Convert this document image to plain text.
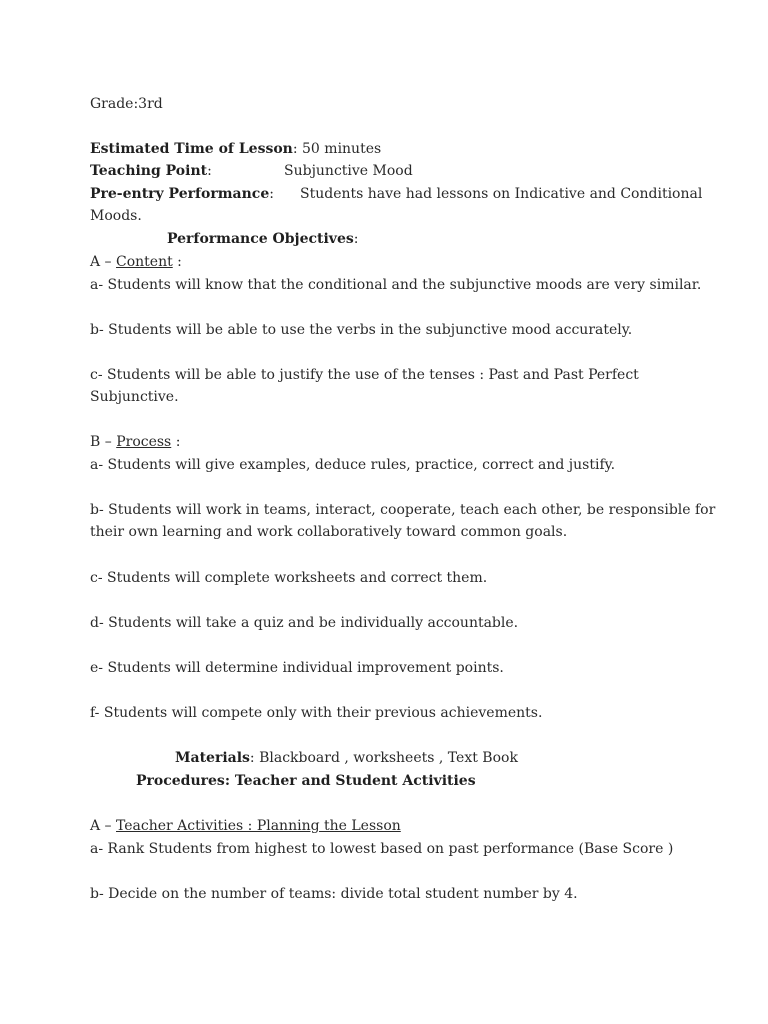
Grade:3rd
Estimated Time of Lesson: 50 minutes
Teaching Point:	Subjunctive Mood
Pre-entry Performance: Students have had lessons on Indicative and Conditional
Moods.
Performance Objectives:
A – Content :
a- Students will know that the conditional and the subjunctive moods are very similar.
b- Students will be able to use the verbs in the subjunctive mood accurately.
c- Students will be able to justify the use of the tenses : Past and Past Perfect
Subjunctive.
B – Process :
a- Students will give examples, deduce rules, practice, correct and justify.
b- Students will work in teams, interact, cooperate, teach each other, be responsible for
their own learning and work collaboratively toward common goals.
c- Students will complete worksheets and correct them.
d- Students will take a quiz and be individually accountable.
e- Students will determine individual improvement points.
f- Students will compete only with their previous achievements.
Materials: Blackboard , worksheets , Text Book
Procedures: Teacher and Student Activities
A – Teacher Activities : Planning the Lesson
a- Rank Students from highest to lowest based on past performance (Base Score )
b- Decide on the number of teams: divide total student number by 4.
